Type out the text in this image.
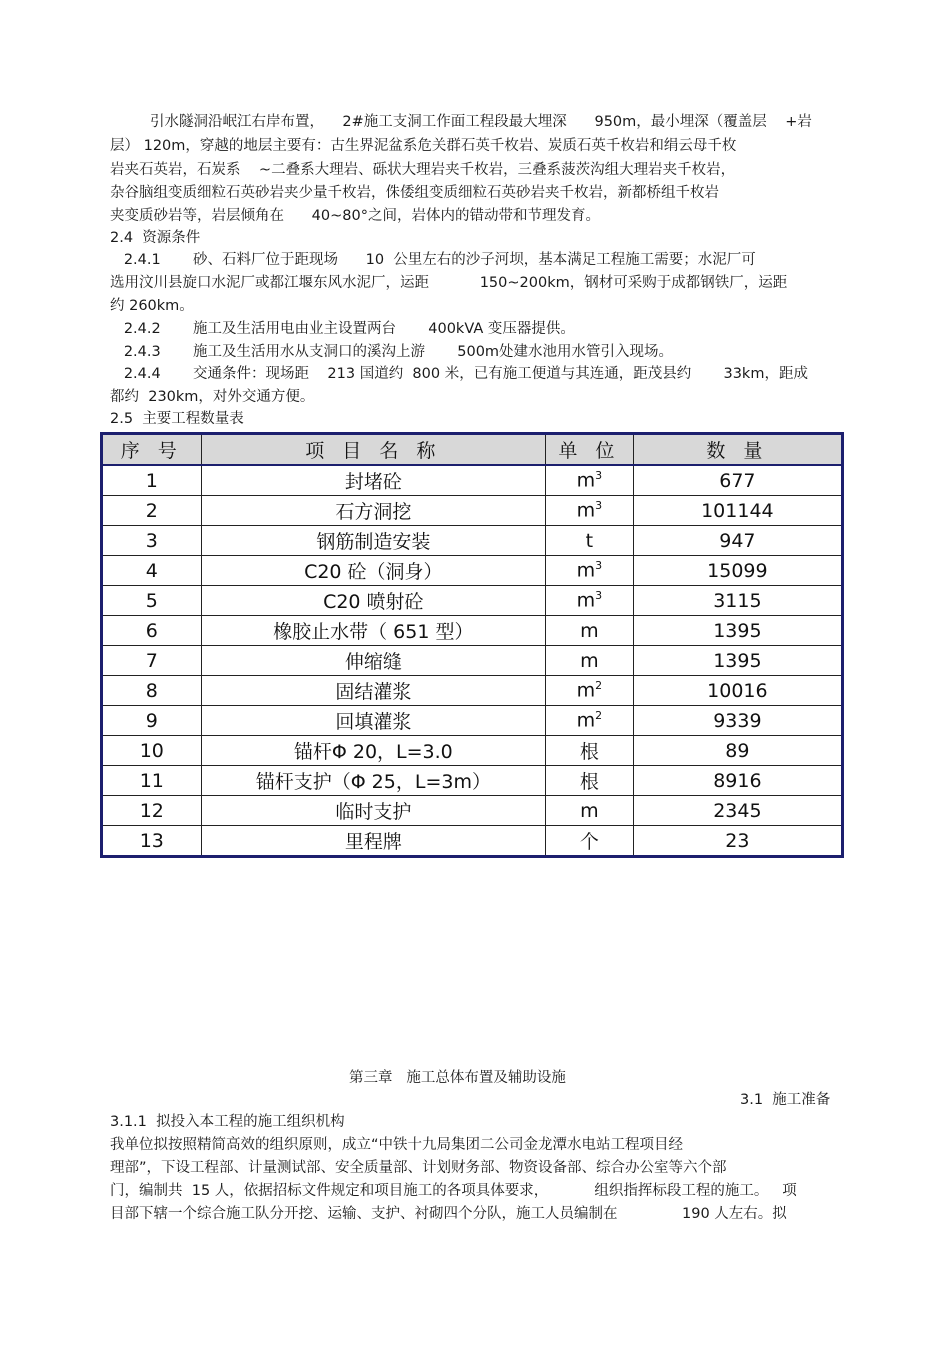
引水隧洞沿岷江右岸布置，    2#施工支洞工作面工程段最大埋深      950m，最小埋深（覆盖层    +岩
层） 120m，穿越的地层主要有：古生界泥盆系危关群石英千枚岩、炭质石英千枚岩和绢云母千枚
岩夹石英岩，石炭系    ~二叠系大理岩、砾状大理岩夹千枚岩，三叠系菠茨沟组大理岩夹千枚岩，
杂谷脑组变质细粒石英砂岩夹少量千枚岩，侏倭组变质细粒石英砂岩夹千枚岩，新都桥组千枚岩
夹变质砂岩等，岩层倾角在      40~80°之间，岩体内的错动带和节理发育。
2.4  资源条件
2.4.1       砂、石料厂位于距现场      10  公里左右的沙子河坝，基本满足工程施工需要；水泥厂可
选用汶川县旋口水泥厂或都江堰东风水泥厂，运距           150~200km，钢材可采购于成都钢铁厂，运距
约 260km。
2.4.2       施工及生活用电由业主设置两台       400kVA 变压器提供。
2.4.3       施工及生活用水从支洞口的溪沟上游       500m处建水池用水管引入现场。
2.4.4       交通条件：现场距    213 国道约  800 米，已有施工便道与其连通，距茂县约       33km，距成
都约  230km，对外交通方便。
2.5  主要工程数量表
序 号	项 目 名 称	单 位	数 量
1	封堵砼	$m^3$	677
2	石方洞挖	$m^3$	101144
3	钢筋制造安装	t	947
4	C20 砼（洞身）	$m^3$	15099
5	C20 喷射砼	$m^3$	3115
6	橡胶止水带（ 651 型）	m	1395
7	伸缩缝	m	1395
8	固结灌浆	$m^2$	10016
9	回填灌浆	$m^2$	9339
10	锚杆Φ 20，L=3.0	根	89
11	锚杆支护（Φ 25，L=3m）	根	8916
12	临时支护	m	2345
13	里程牌	个	23
第三章   施工总体布置及辅助设施
3.1  施工准备
3.1.1  拟投入本工程的施工组织机构
我单位拟按照精简高效的组织原则，成立“中铁十九局集团二公司金龙潭水电站工程项目经
理部”，下设工程部、计量测试部、安全质量部、计划财务部、物资设备部、综合办公室等六个部
门，编制共  15 人，依据招标文件规定和项目施工的各项具体要求，          组织指挥标段工程的施工。   项
目部下辖一个综合施工队分开挖、运输、支护、衬砌四个分队，施工人员编制在              190 人左右。拟
